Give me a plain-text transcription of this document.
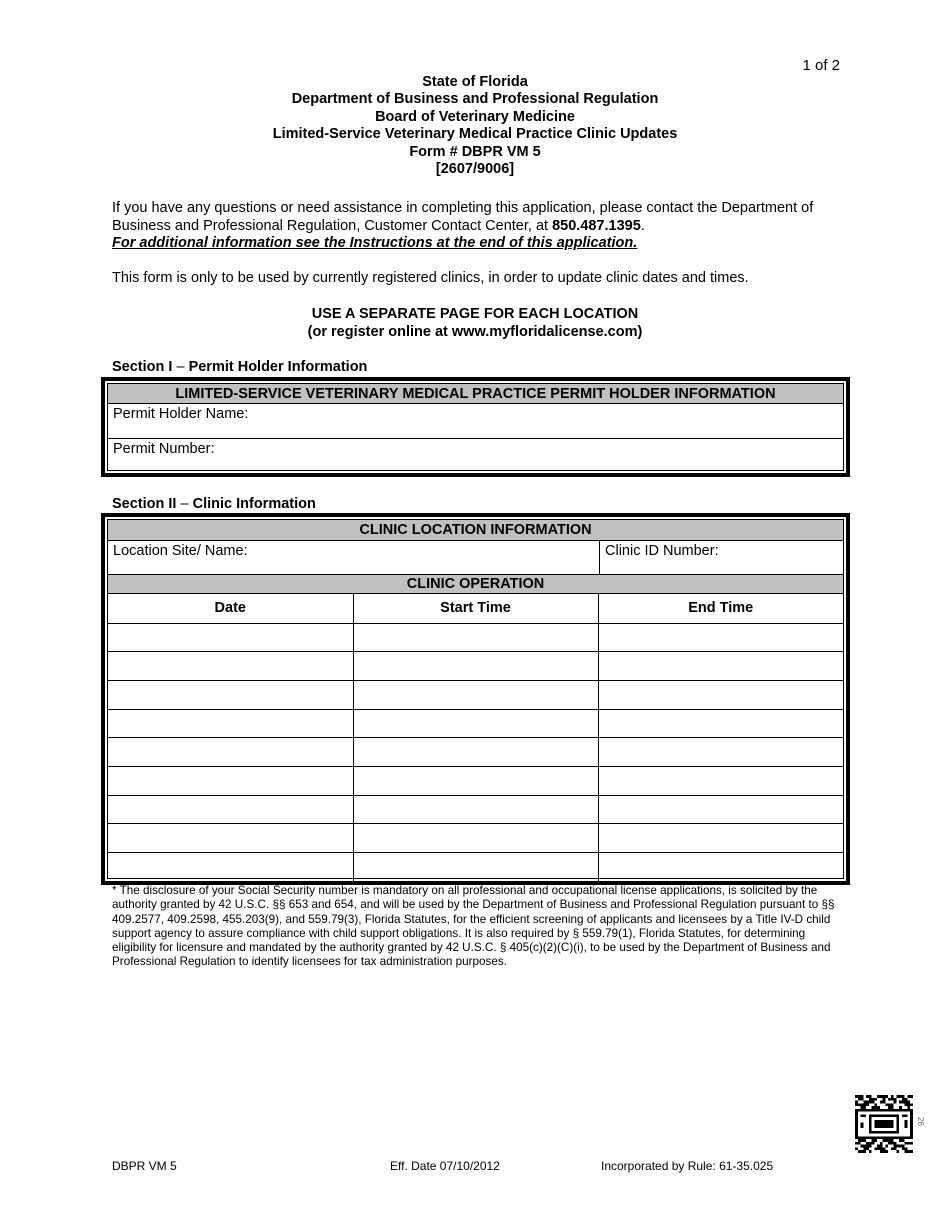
1 of 2
State of Florida
Department of Business and Professional Regulation
Board of Veterinary Medicine
Limited-Service Veterinary Medical Practice Clinic Updates
Form # DBPR VM 5
[2607/9006]
If you have any questions or need assistance in completing this application, please contact the Department of Business and Professional Regulation, Customer Contact Center, at 850.487.1395.
For additional information see the Instructions at the end of this application.
This form is only to be used by currently registered clinics, in order to update clinic dates and times.
USE A SEPARATE PAGE FOR EACH LOCATION
(or register online at www.myfloridalicense.com)
Section I – Permit Holder Information
LIMITED-SERVICE VETERINARY MEDICAL PRACTICE PERMIT HOLDER INFORMATION
Permit Holder Name:
Permit Number:
Section II – Clinic Information
CLINIC LOCATION INFORMATION
Location Site/ Name:	Clinic ID Number:
CLINIC OPERATION
Date	Start Time	End Time

* The disclosure of your Social Security number is mandatory on all professional and occupational license applications, is solicited by the authority granted by 42 U.S.C. §§ 653 and 654, and will be used by the Department of Business and Professional Regulation pursuant to §§ 409.2577, 409.2598, 455.203(9), and 559.79(3), Florida Statutes, for the efficient screening of applicants and licensees by a Title IV-D child support agency to assure compliance with child support obligations. It is also required by § 559.79(1), Florida Statutes, for determining eligibility for licensure and mandated by the authority granted by 42 U.S.C. § 405(c)(2)(C)(i), to be used by the Department of Business and Professional Regulation to identify licensees for tax administration purposes.
26
DBPR VM 5	Eff. Date 07/10/2012	Incorporated by Rule: 61-35.025
